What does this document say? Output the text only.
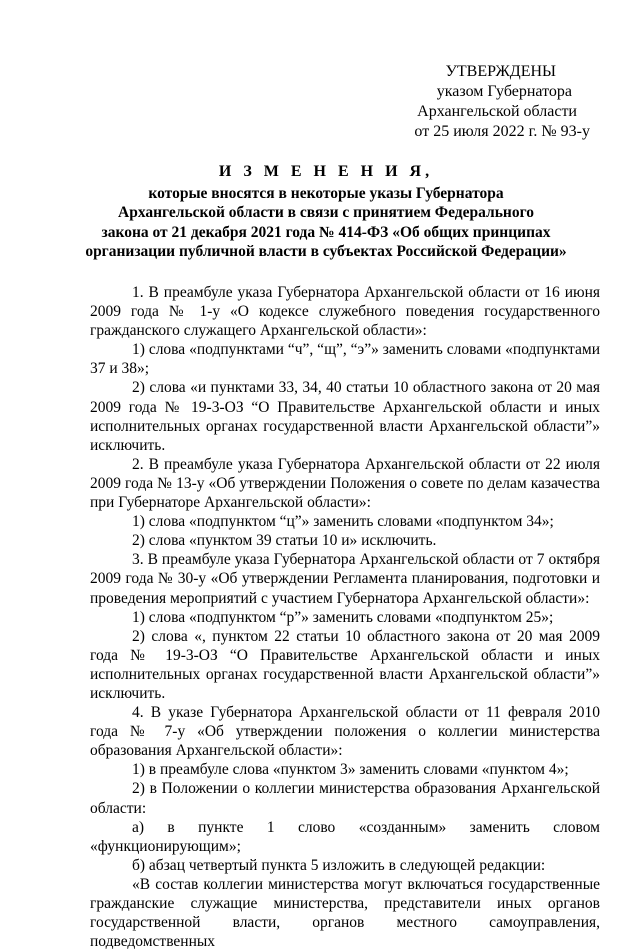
УТВЕРЖДЕНЫ
указом Губернатора
Архангельской области
от 25 июля 2022 г. № 93-у
И З М Е Н Е Н И Я,
которые вносятся в некоторые указы Губернатора
Архангельской области в связи с принятием Федерального
закона от 21 декабря 2021 года № 414-ФЗ «Об общих принципах
организации публичной власти в субъектах Российской Федерации»

1. В преамбуле указа Губернатора Архангельской области от 16 июня 2009 года № 1-у «О кодексе служебного поведения государственного гражданского служащего Архангельской области»:

1) слова «подпунктами “ч”, “щ”, “э”» заменить словами «подпунктами 37 и 38»;

2) слова «и пунктами 33, 34, 40 статьи 10 областного закона от 20 мая 2009 года № 19-3-ОЗ “О Правительстве Архангельской области и иных исполнительных органах государственной власти Архангельской области”» исключить.

2. В преамбуле указа Губернатора Архангельской области от 22 июля 2009 года № 13-у «Об утверждении Положения о совете по делам казачества при Губернаторе Архангельской области»:

1) слова «подпунктом “ц”» заменить словами «подпунктом 34»;

2) слова «пунктом 39 статьи 10 и» исключить.

3. В преамбуле указа Губернатора Архангельской области от 7 октября 2009 года № 30-у «Об утверждении Регламента планирования, подготовки и проведения мероприятий с участием Губернатора Архангельской области»:

1) слова «подпунктом “р”» заменить словами «подпунктом 25»;

2) слова «, пунктом 22 статьи 10 областного закона от 20 мая 2009 года № 19-3-ОЗ “О Правительстве Архангельской области и иных исполнительных органах государственной власти Архангельской области”» исключить.

4. В указе Губернатора Архангельской области от 11 февраля 2010 года № 7-у «Об утверждении положения о коллегии министерства образования Архангельской области»:

1) в преамбуле слова «пунктом 3» заменить словами «пунктом 4»;

2) в Положении о коллегии министерства образования Архангельской области:

а) в пункте 1 слово «созданным» заменить словом «функционирующим»;

б) абзац четвертый пункта 5 изложить в следующей редакции:

«В состав коллегии министерства могут включаться государственные гражданские служащие министерства, представители иных органов государственной власти, органов местного самоуправления, подведомственных
